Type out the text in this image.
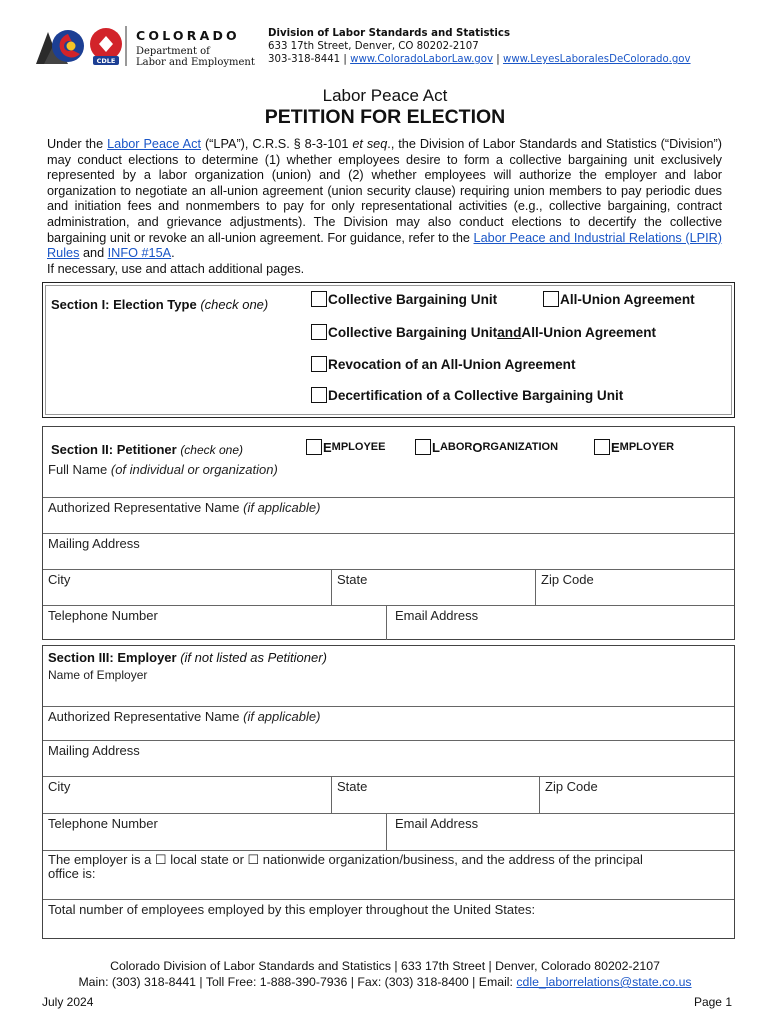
CDLE
COLORADO
Department of
Labor and Employment
Division of Labor Standards and Statistics
633 17th Street, Denver, CO 80202-2107
303-318-8441 | www.ColoradoLaborLaw.gov | www.LeyesLaboralesDeColorado.gov
Labor Peace Act
PETITION FOR ELECTION

Under the Labor Peace Act (“LPA”), C.R.S. § 8-3-101 et seq., the Division of Labor Standards and Statistics (“Division”) may conduct elections to determine (1) whether employees desire to form a collective bargaining unit exclusively represented by a labor organization (union) and (2) whether employees will authorize the employer and labor organization to negotiate an all-union agreement (union security clause) requiring union members to pay periodic dues and initiation fees and nonmembers to pay for only representational activities (e.g., collective bargaining, contract administration, and grievance adjustments). The Division may also conduct elections to decertify the collective bargaining unit or revoke an all-union agreement. For guidance, refer to the Labor Peace and Industrial Relations (LPIR) Rules and INFO #15A.

If necessary, use and attach additional pages.

Section I: Election Type (check one)	Collective Bargaining Unit	All-Union Agreement
Collective Bargaining Unit and All-Union Agreement
Revocation of an All-Union Agreement
Decertification of a Collective Bargaining Unit
Section II: Petitioner (check one)	E MPLOYEE	L ABOR O RGANIZATION	E MPLOYER
Full Name (of individual or organization)
Authorized Representative Name (if applicable)
Mailing Address
City	State	Zip Code
Telephone Number	Email Address
Section III: Employer (if not listed as Petitioner)
Name of Employer
Authorized Representative Name (if applicable)
Mailing Address
City	State	Zip Code
Telephone Number	Email Address
The employer is a ☐ local state or ☐ nationwide organization/business, and the address of the principal
office is:
Total number of employees employed by this employer throughout the United States:
Colorado Division of Labor Standards and Statistics | 633 17th Street | Denver, Colorado 80202-2107
Main: (303) 318-8441 | Toll Free: 1-888-390-7936 | Fax: (303) 318-8400 | Email: cdle_laborrelations@state.co.us
July 2024	Page 1
